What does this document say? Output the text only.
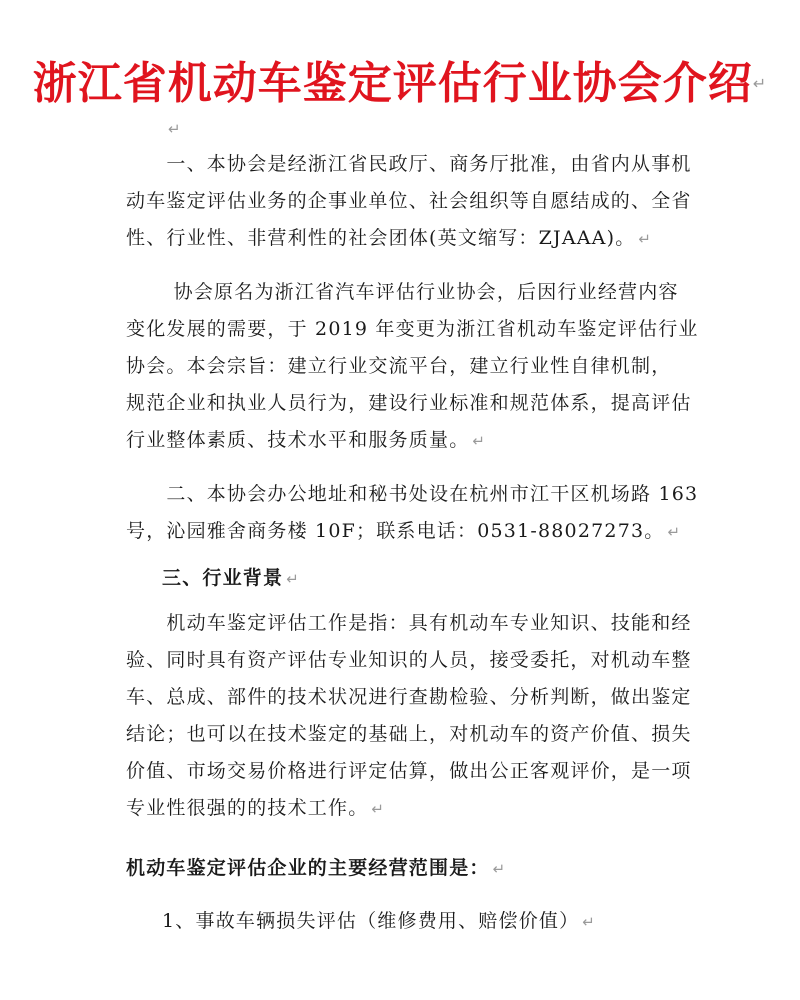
浙江省机动车鉴定评估行业协会介绍↵
↵
　　一、本协会是经浙江省民政厅、商务厅批准，由省内从事机
动车鉴定评估业务的企事业单位、社会组织等自愿结成的、全省
性、行业性、非营利性的社会团体(英文缩写：ZJAAA)。 ↵
　　 协会原名为浙江省汽车评估行业协会，后因行业经营内容
变化发展的需要，于 2019 年变更为浙江省机动车鉴定评估行业
协会。本会宗旨：建立行业交流平台，建立行业性自律机制，
规范企业和执业人员行为，建设行业标准和规范体系，提高评估
行业整体素质、技术水平和服务质量。 ↵
　　二、本协会办公地址和秘书处设在杭州市江干区机场路 163
号，沁园雅舍商务楼 10F；联系电话：0531-88027273。 ↵
三、行业背景 ↵
　　机动车鉴定评估工作是指：具有机动车专业知识、技能和经
验、同时具有资产评估专业知识的人员，接受委托，对机动车整
车、总成、部件的技术状况进行查勘检验、分析判断，做出鉴定
结论；也可以在技术鉴定的基础上，对机动车的资产价值、损失
价值、市场交易价格进行评定估算，做出公正客观评价，是一项
专业性很强的的技术工作。 ↵
机动车鉴定评估企业的主要经营范围是： ↵
1、事故车辆损失评估（维修费用、赔偿价值） ↵
